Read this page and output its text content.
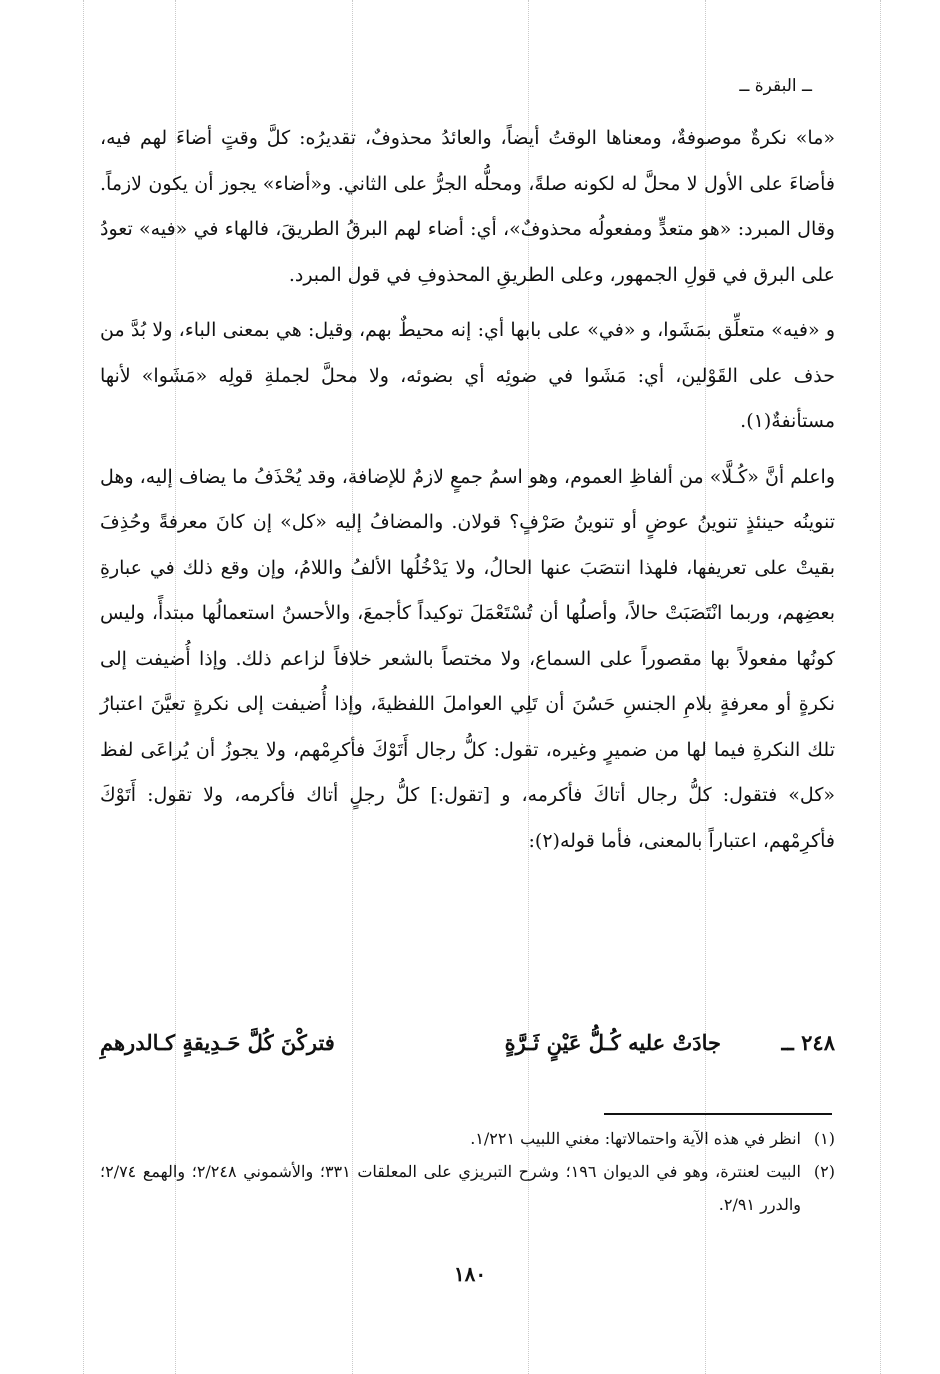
ــ البقرة ــ

«ما» نكرةٌ موصوفةٌ، ومعناها الوقتُ أيضاً، والعائدُ محذوفٌ، تقديرُه: كلَّ وقتٍ أضاءَ لهم فيه، فأضاءَ على الأول لا محلَّ له لكونه صلةً، ومحلُّه الجرُّ على الثاني. و«أضاء» يجوز أن يكون لازماً. وقال المبرد: «هو متعدٍّ ومفعولُه محذوفٌ»، أي: أضاء لهم البرقُ الطريقَ، فالهاء في «فيه» تعودُ على البرق في قولِ الجمهور، وعلى الطريقِ المحذوفِ في قول المبرد.

و «فيه» متعلِّق بمَشَوا، و «في» على بابها أي: إنه محيطٌ بهم، وقيل: هي بمعنى الباء، ولا بُدَّ من حذف على القَوْلين، أي: مَشَوا في ضوئِه أي بضوئه، ولا محلَّ لجملةِ قولِه «مَشَوا» لأنها مستأنفةٌ(١).

واعلم أنَّ «كُـلَّا» من ألفاظِ العموم، وهو اسمُ جمعٍ لازمٌ للإضافة، وقد يُحْذَفُ ما يضاف إليه، وهل تنوينُه حينئذٍ تنوينُ عوضٍ أو تنوينُ صَرْفٍ؟ قولان. والمضافُ إليه «كل» إن كانَ معرفةً وحُذِفَ بقيتْ على تعريفها، فلهذا انتصَبَ عنها الحالُ، ولا يَدْخُلُها الألفُ واللامُ، وإن وقع ذلك في عبارةِ بعضِهم، وربما انْتَصَبَتْ حالاً، وأصلُها أن تُسْتَعْمَلَ توكيداً كأجمعَ، والأحسنُ استعمالُها مبتدأً، وليس كونُها مفعولاً بها مقصوراً على السماع، ولا مختصاً بالشعر خلافاً لزاعم ذلك. وإذا أُضيفت إلى نكرةٍ أو معرفةٍ بلامِ الجنسِ حَسُنَ أن تَلِي العواملَ اللفظيةَ، وإذا أُضيفت إلى نكرةٍ تعيَّنَ اعتبارُ تلك النكرةِ فيما لها من ضميرٍ وغيره، تقول: كلُّ رجال أَتَوْكَ فأكرِمْهم، ولا يجوزُ أن يُراعَى لفظ «كل» فتقول: كلُّ رجال أتاكَ فأكرمه، و [تقول:] كلُّ رجلٍ أتاك فأكرمه، ولا تقول: أَتَوْكَ فأكرِمْهم، اعتباراً بالمعنى، فأما قوله(٢):

٢٤٨ ــ
جادَتْ عليه كُـلُّ عَيْنٍ ثَـرَّةٍ
فتركْنَ كُلَّ حَـدِيقةٍ كـالدرهمِ
(١)
انظر في هذه الآية واحتمالاتها: مغني اللبيب ١/٢٢١.
(٢)
البيت لعنترة، وهو في الديوان ١٩٦؛ وشرح التبريزي على المعلقات ٣٣١؛ والأشموني ٢/٢٤٨؛ والهمع ٢/٧٤؛ والدرر ٢/٩١.
١٨٠
